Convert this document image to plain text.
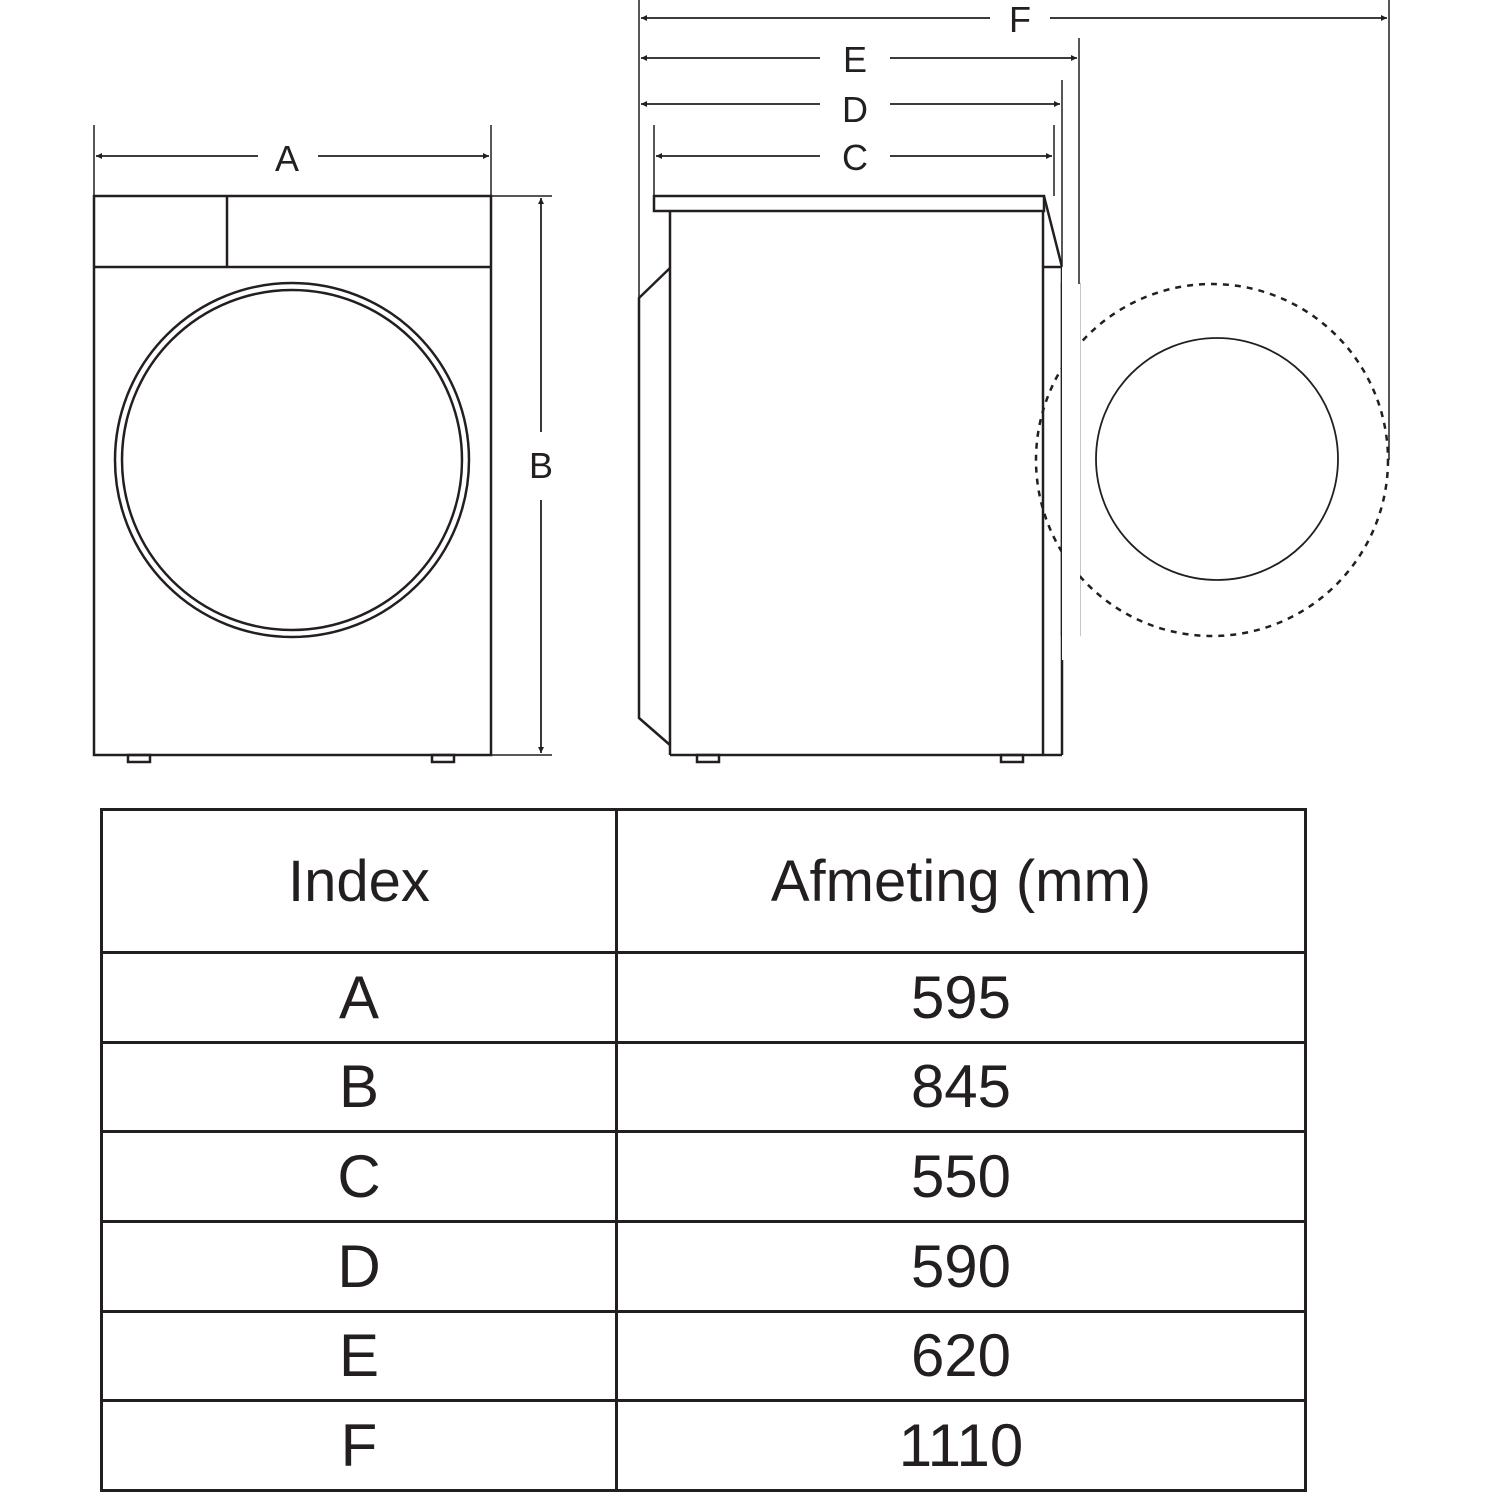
A
B
C
D
E
F
Index	Afmeting (mm)
A	595
B	845
C	550
D	590
E	620
F	1110
